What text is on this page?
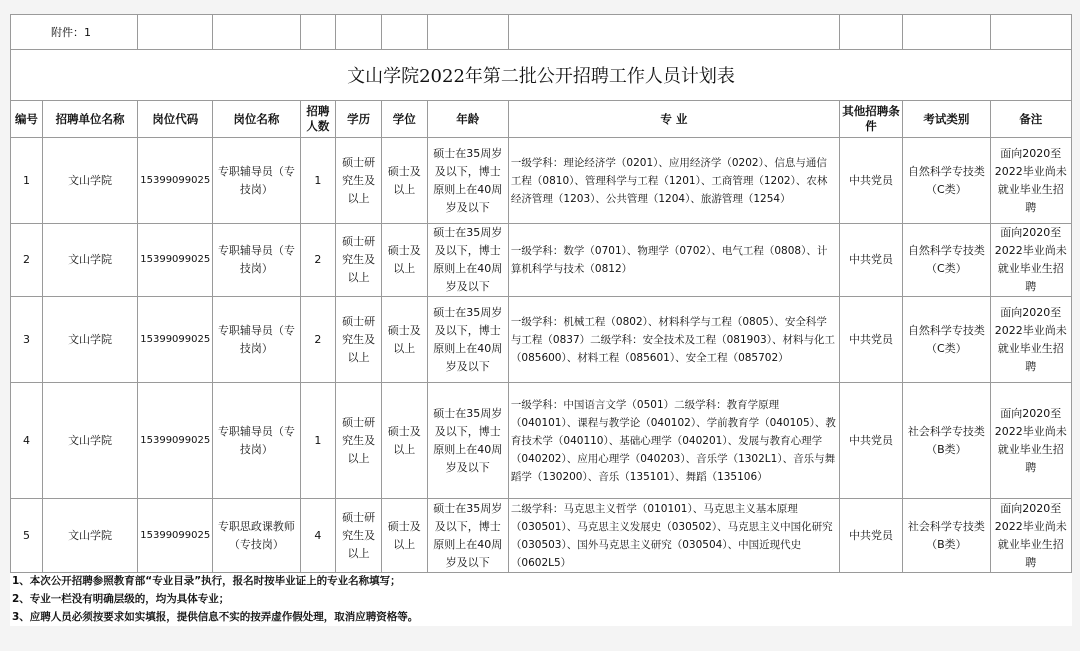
附件：1											
文山学院2022年第二批公开招聘工作人员计划表											
编号	招聘单位名称	岗位代码	岗位名称	招聘人数	学历	学位	年龄	专 业	其他招聘条件	考试类别	备注
1	文山学院	15399099025	专职辅导员（专技岗）	1	硕士研究生及以上	硕士及以上	硕士在35周岁及以下，博士原则上在40周岁及以下	一级学科：理论经济学（0201）、应用经济学（0202）、信息与通信工程（0810）、管理科学与工程（1201）、工商管理（1202）、农林经济管理（1203）、公共管理（1204）、旅游管理（1254）	中共党员	自然科学专技类（C类）	面向2020至2022毕业尚未就业毕业生招聘
2	文山学院	15399099025	专职辅导员（专技岗）	2	硕士研究生及以上	硕士及以上	硕士在35周岁及以下，博士原则上在40周岁及以下	一级学科：数学（0701）、物理学（0702）、电气工程（0808）、计算机科学与技术（0812）	中共党员	自然科学专技类（C类）	面向2020至2022毕业尚未就业毕业生招聘
3	文山学院	15399099025	专职辅导员（专技岗）	2	硕士研究生及以上	硕士及以上	硕士在35周岁及以下，博士原则上在40周岁及以下	一级学科：机械工程（0802）、材料科学与工程（0805）、安全科学与工程（0837）二级学科：安全技术及工程（081903）、材料与化工（085600）、材料工程（085601）、安全工程（085702）	中共党员	自然科学专技类（C类）	面向2020至2022毕业尚未就业毕业生招聘
4	文山学院	15399099025	专职辅导员（专技岗）	1	硕士研究生及以上	硕士及以上	硕士在35周岁及以下，博士原则上在40周岁及以下	一级学科：中国语言文学（0501）二级学科：教育学原理（040101）、课程与教学论（040102）、学前教育学（040105）、教育技术学（040110）、基础心理学（040201）、发展与教育心理学（040202）、应用心理学（040203）、音乐学（1302L1）、音乐与舞蹈学（130200）、音乐（135101）、舞蹈（135106）	中共党员	社会科学专技类（B类）	面向2020至2022毕业尚未就业毕业生招聘
5	文山学院	15399099025	专职思政课教师（专技岗）	4	硕士研究生及以上	硕士及以上	硕士在35周岁及以下，博士原则上在40周岁及以下	二级学科：马克思主义哲学（010101）、马克思主义基本原理（030501）、马克思主义发展史（030502）、马克思主义中国化研究（030503）、国外马克思主义研究（030504）、中国近现代史（0602L5）	中共党员	社会科学专技类（B类）	面向2020至2022毕业尚未就业毕业生招聘
1、本次公开招聘参照教育部“专业目录”执行，报名时按毕业证上的专业名称填写；
2、专业一栏没有明确层级的，均为具体专业；
3、应聘人员必须按要求如实填报，提供信息不实的按弄虚作假处理，取消应聘资格等。
